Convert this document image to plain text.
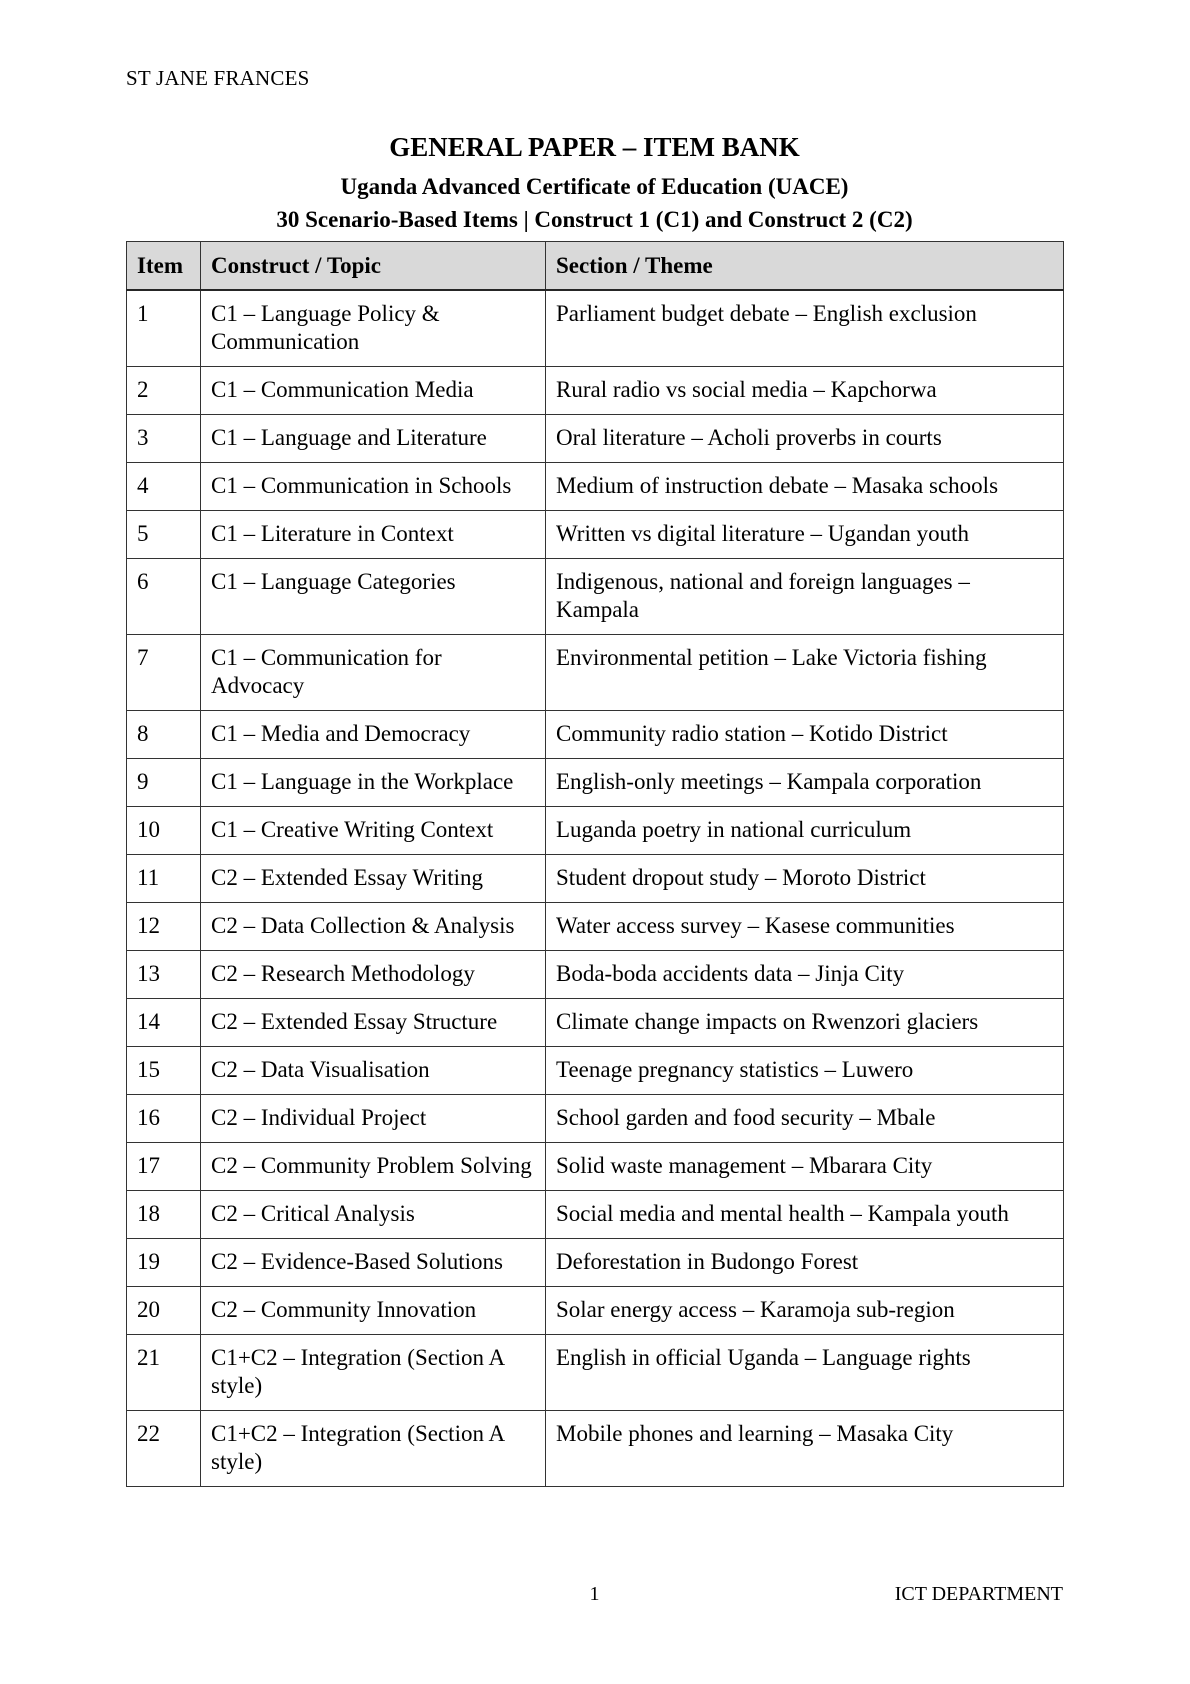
ST JANE FRANCES
GENERAL PAPER – ITEM BANK
Uganda Advanced Certificate of Education (UACE)
30 Scenario-Based Items | Construct 1 (C1) and Construct 2 (C2)
Item	Construct / Topic	Section / Theme
1	C1 – Language Policy & Communication	Parliament budget debate – English exclusion
2	C1 – Communication Media	Rural radio vs social media – Kapchorwa
3	C1 – Language and Literature	Oral literature – Acholi proverbs in courts
4	C1 – Communication in Schools	Medium of instruction debate – Masaka schools
5	C1 – Literature in Context	Written vs digital literature – Ugandan youth
6	C1 – Language Categories	Indigenous, national and foreign languages – Kampala
7	C1 – Communication for Advocacy	Environmental petition – Lake Victoria fishing
8	C1 – Media and Democracy	Community radio station – Kotido District
9	C1 – Language in the Workplace	English-only meetings – Kampala corporation
10	C1 – Creative Writing Context	Luganda poetry in national curriculum
11	C2 – Extended Essay Writing	Student dropout study – Moroto District
12	C2 – Data Collection & Analysis	Water access survey – Kasese communities
13	C2 – Research Methodology	Boda-boda accidents data – Jinja City
14	C2 – Extended Essay Structure	Climate change impacts on Rwenzori glaciers
15	C2 – Data Visualisation	Teenage pregnancy statistics – Luwero
16	C2 – Individual Project	School garden and food security – Mbale
17	C2 – Community Problem Solving	Solid waste management – Mbarara City
18	C2 – Critical Analysis	Social media and mental health – Kampala youth
19	C2 – Evidence-Based Solutions	Deforestation in Budongo Forest
20	C2 – Community Innovation	Solar energy access – Karamoja sub-region
21	C1+C2 – Integration (Section A style)	English in official Uganda – Language rights
22	C1+C2 – Integration (Section A style)	Mobile phones and learning – Masaka City
1	ICT DEPARTMENT
